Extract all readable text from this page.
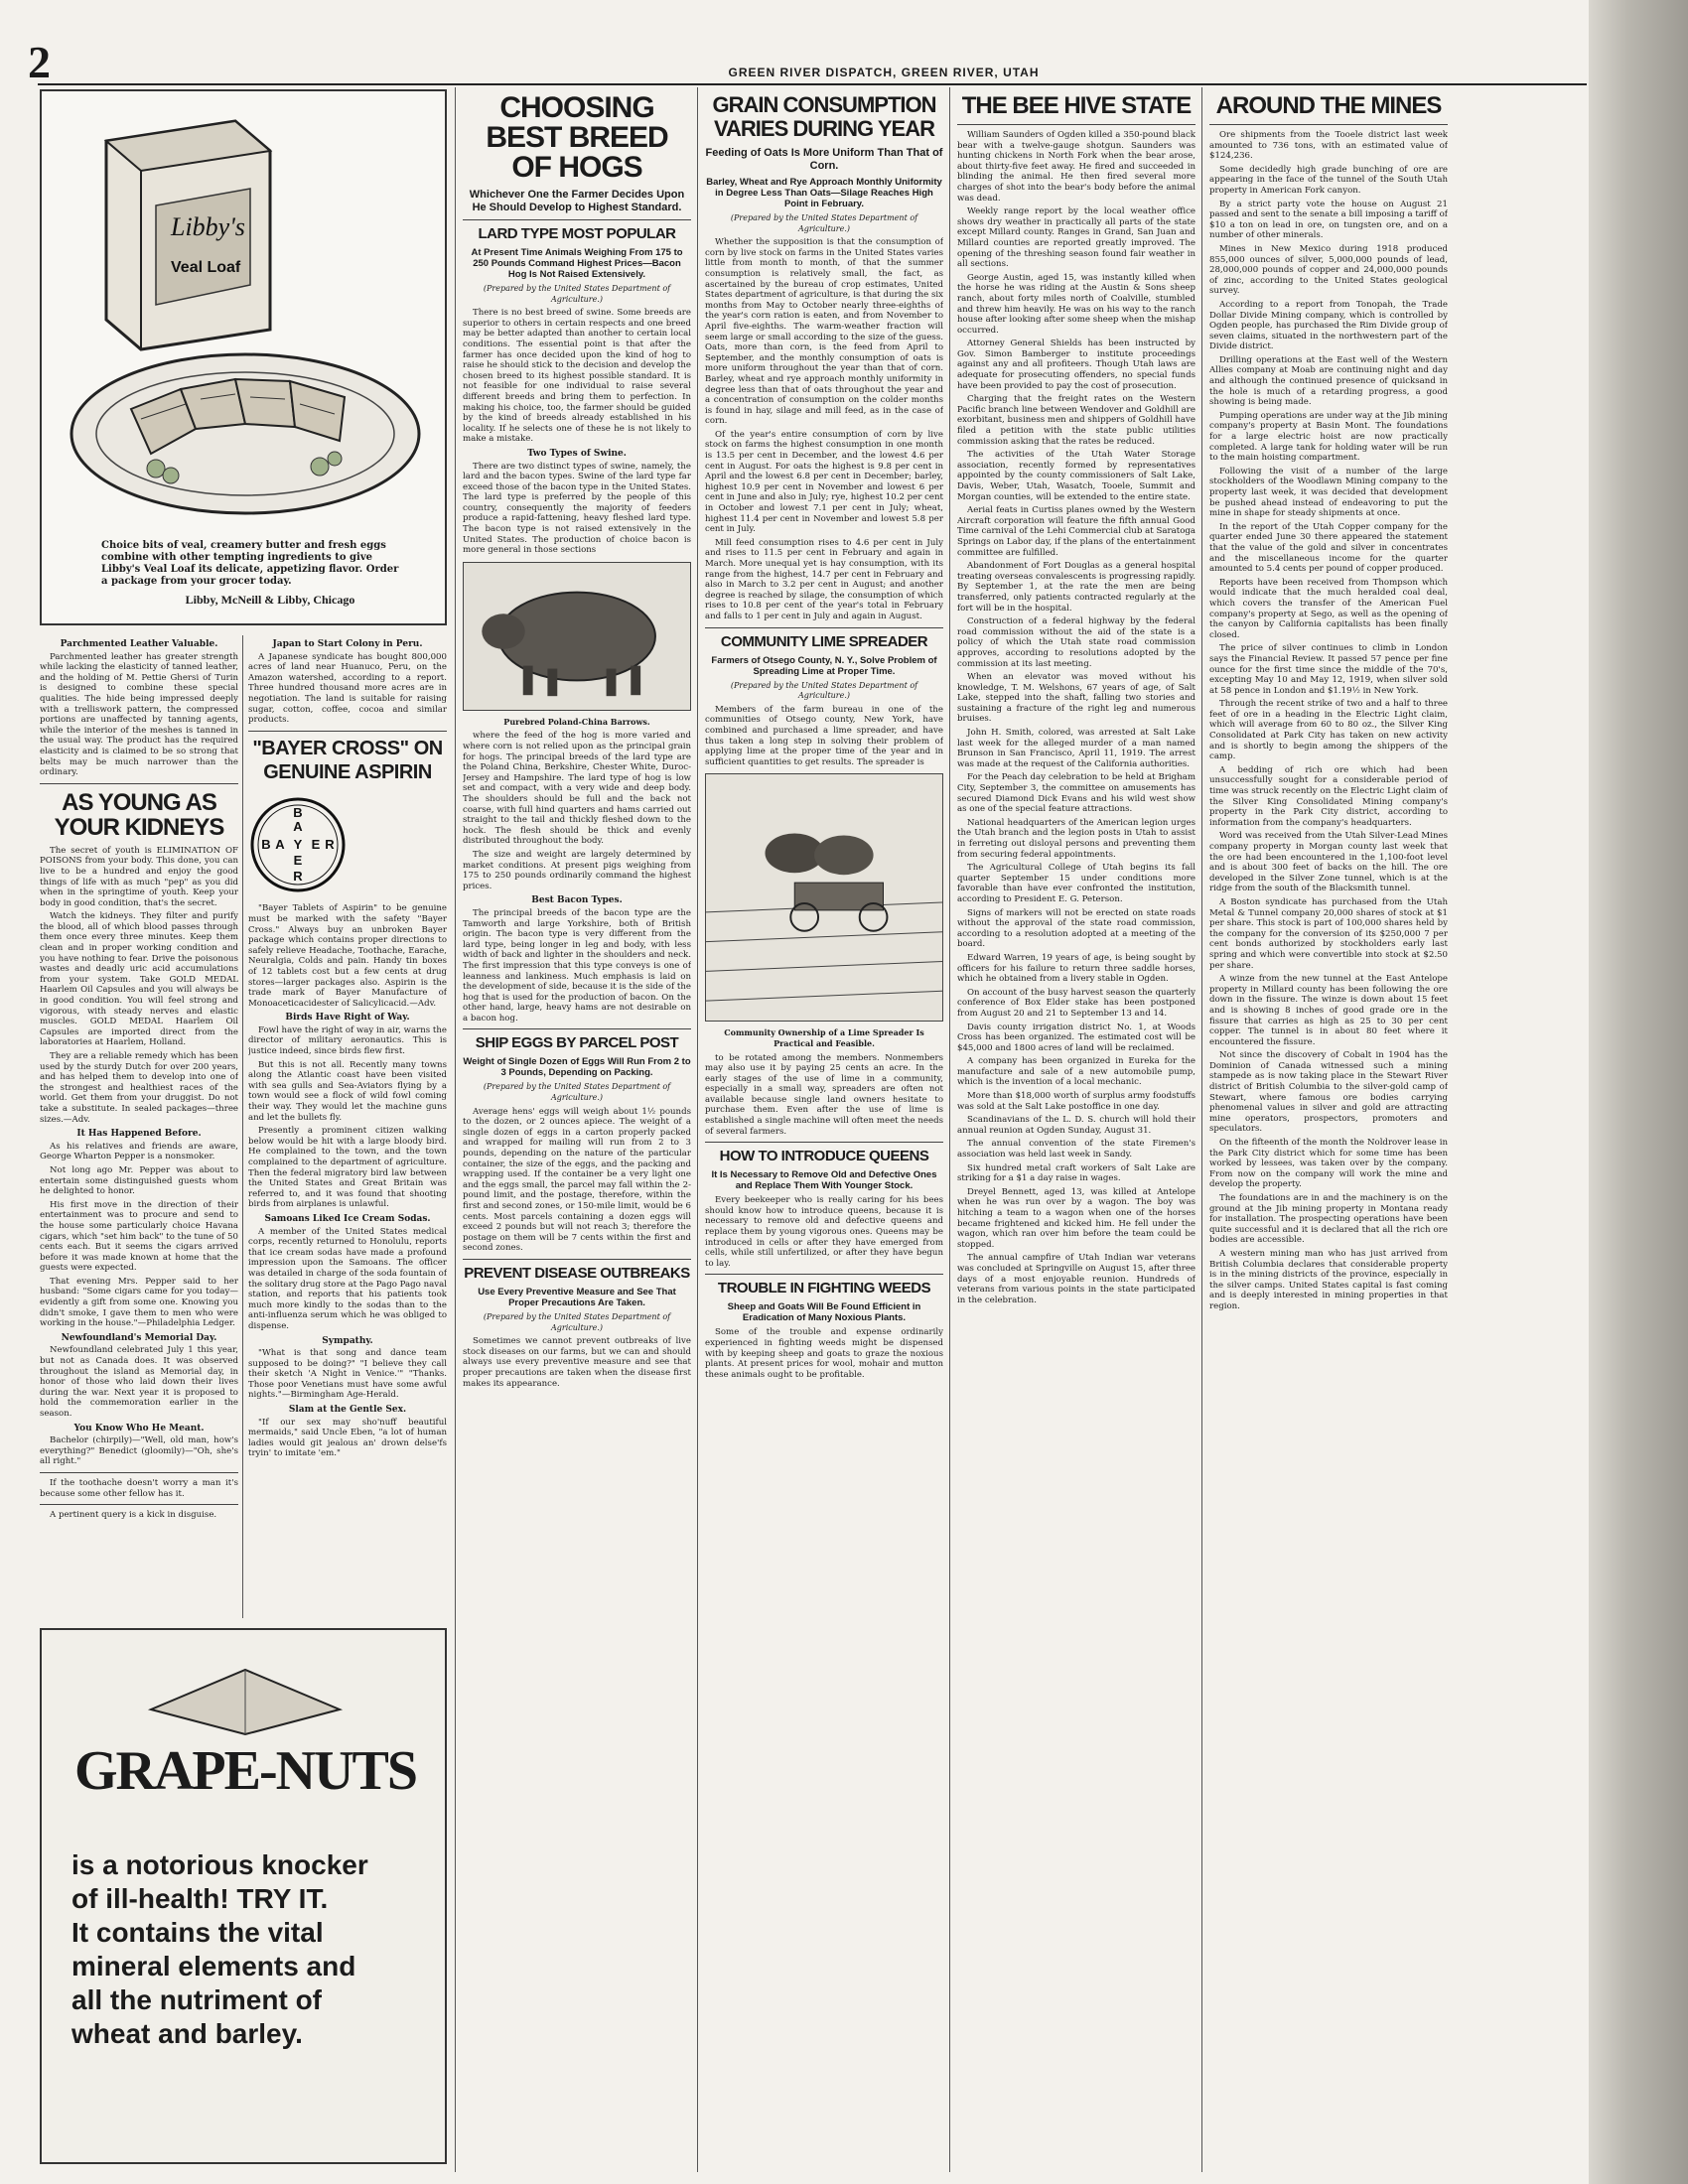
2	GREEN RIVER DISPATCH, GREEN RIVER, UTAH
Libby's
Veal Loaf
Choice bits of veal, creamery butter and fresh eggs combine with other tempting ingredients to give Libby's Veal Loaf its delicate, appetizing flavor. Order a package from your grocer today.
Libby, McNeill & Libby, Chicago
Parchmented Leather Valuable.

Parchmented leather has greater strength while lacking the elasticity of tanned leather, and the holding of M. Pettie Ghersi of Turin is designed to combine these special qualities. The hide being impressed deeply with a trelliswork pattern, the compressed portions are unaffected by tanning agents, while the interior of the meshes is tanned in the usual way. The product has the required elasticity and is claimed to be so strong that belts may be much narrower than the ordinary.

AS YOUNG AS YOUR KIDNEYS

The secret of youth is ELIMINATION OF POISONS from your body. This done, you can live to be a hundred and enjoy the good things of life with as much "pep" as you did when in the springtime of youth. Keep your body in good condition, that's the secret.

Watch the kidneys. They filter and purify the blood, all of which blood passes through them once every three minutes. Keep them clean and in proper working condition and you have nothing to fear. Drive the poisonous wastes and deadly uric acid accumulations from your system. Take GOLD MEDAL Haarlem Oil Capsules and you will always be in good condition. You will feel strong and vigorous, with steady nerves and elastic muscles. GOLD MEDAL Haarlem Oil Capsules are imported direct from the laboratories at Haarlem, Holland.

They are a reliable remedy which has been used by the sturdy Dutch for over 200 years, and has helped them to develop into one of the strongest and healthiest races of the world. Get them from your druggist. Do not take a substitute. In sealed packages—three sizes.—Adv.

It Has Happened Before.

As his relatives and friends are aware, George Wharton Pepper is a nonsmoker.

Not long ago Mr. Pepper was about to entertain some distinguished guests whom he delighted to honor.

His first move in the direction of their entertainment was to procure and send to the house some particularly choice Havana cigars, which "set him back" to the tune of 50 cents each. But it seems the cigars arrived before it was made known at home that the guests were expected.

That evening Mrs. Pepper said to her husband: "Some cigars came for you today—evidently a gift from some one. Knowing you didn't smoke, I gave them to men who were working in the house."—Philadelphia Ledger.

Newfoundland's Memorial Day.

Newfoundland celebrated July 1 this year, but not as Canada does. It was observed throughout the island as Memorial day, in honor of those who laid down their lives during the war. Next year it is proposed to hold the commemoration earlier in the season.

You Know Who He Meant.

Bachelor (chirpily)—"Well, old man, how's everything?" Benedict (gloomily)—"Oh, she's all right."

If the toothache doesn't worry a man it's because some other fellow has it.

A pertinent query is a kick in disguise.

Japan to Start Colony in Peru.

A Japanese syndicate has bought 800,000 acres of land near Huanuco, Peru, on the Amazon watershed, according to a report. Three hundred thousand more acres are in negotiation. The land is suitable for raising sugar, cotton, coffee, cocoa and similar products.

"BAYER CROSS" ON GENUINE ASPIRIN
B
A
Y
E
R
B A E R

"Bayer Tablets of Aspirin" to be genuine must be marked with the safety "Bayer Cross." Always buy an unbroken Bayer package which contains proper directions to safely relieve Headache, Toothache, Earache, Neuralgia, Colds and pain. Handy tin boxes of 12 tablets cost but a few cents at drug stores—larger packages also. Aspirin is the trade mark of Bayer Manufacture of Monoaceticacidester of Salicylicacid.—Adv.

Birds Have Right of Way.

Fowl have the right of way in air, warns the director of military aeronautics. This is justice indeed, since birds flew first.

But this is not all. Recently many towns along the Atlantic coast have been visited with sea gulls and Sea-Aviators flying by a town would see a flock of wild fowl coming their way. They would let the machine guns and let the bullets fly.

Presently a prominent citizen walking below would be hit with a large bloody bird. He complained to the town, and the town complained to the department of agriculture. Then the federal migratory bird law between the United States and Great Britain was referred to, and it was found that shooting birds from airplanes is unlawful.

Samoans Liked Ice Cream Sodas.

A member of the United States medical corps, recently returned to Honolulu, reports that ice cream sodas have made a profound impression upon the Samoans. The officer was detailed in charge of the soda fountain of the solitary drug store at the Pago Pago naval station, and reports that his patients took much more kindly to the sodas than to the anti-influenza serum which he was obliged to dispense.

Sympathy.

"What is that song and dance team supposed to be doing?" "I believe they call their sketch 'A Night in Venice.'" "Thanks. Those poor Venetians must have some awful nights."—Birmingham Age-Herald.

Slam at the Gentle Sex.

"If our sex may sho'nuff beautiful mermaids," said Uncle Eben, "a lot of human ladies would git jealous an' drown delse'fs tryin' to imitate 'em."

GRAPE-NUTS
is a notorious knocker
of ill-health! TRY IT.
It contains the vital
mineral elements and
all the nutriment of
wheat and barley.
CHOOSING BEST BREED OF HOGS
Whichever One the Farmer Decides Upon He Should Develop to Highest Standard.
LARD TYPE MOST POPULAR
At Present Time Animals Weighing From 175 to 250 Pounds Command Highest Prices—Bacon Hog Is Not Raised Extensively.
(Prepared by the United States Department of Agriculture.)

There is no best breed of swine. Some breeds are superior to others in certain respects and one breed may be better adapted than another to certain local conditions. The essential point is that after the farmer has once decided upon the kind of hog to raise he should stick to the decision and develop the chosen breed to its highest possible standard. It is not feasible for one individual to raise several different breeds and bring them to perfection. In making his choice, too, the farmer should be guided by the kind of breeds already established in his locality. If he selects one of these he is not likely to make a mistake.

Two Types of Swine.

There are two distinct types of swine, namely, the lard and the bacon types. Swine of the lard type far exceed those of the bacon type in the United States. The lard type is preferred by the people of this country, consequently the majority of feeders produce a rapid-fattening, heavy fleshed lard type. The bacon type is not raised extensively in the United States. The production of choice bacon is more general in those sections

Purebred Poland-China Barrows.

where the feed of the hog is more varied and where corn is not relied upon as the principal grain for hogs. The principal breeds of the lard type are the Poland China, Berkshire, Chester White, Duroc-Jersey and Hampshire. The lard type of hog is low set and compact, with a very wide and deep body. The shoulders should be full and the back not coarse, with full hind quarters and hams carried out straight to the tail and thickly fleshed down to the hock. The flesh should be thick and evenly distributed throughout the body.

The size and weight are largely determined by market conditions. At present pigs weighing from 175 to 250 pounds ordinarily command the highest prices.

Best Bacon Types.

The principal breeds of the bacon type are the Tamworth and large Yorkshire, both of British origin. The bacon type is very different from the lard type, being longer in leg and body, with less width of back and lighter in the shoulders and neck. The first impression that this type conveys is one of leanness and lankiness. Much emphasis is laid on the development of side, because it is the side of the hog that is used for the production of bacon. On the other hand, large, heavy hams are not desirable on a bacon hog.

SHIP EGGS BY PARCEL POST
Weight of Single Dozen of Eggs Will Run From 2 to 3 Pounds, Depending on Packing.
(Prepared by the United States Department of Agriculture.)

Average hens' eggs will weigh about 1½ pounds to the dozen, or 2 ounces apiece. The weight of a single dozen of eggs in a carton properly packed and wrapped for mailing will run from 2 to 3 pounds, depending on the nature of the particular container, the size of the eggs, and the packing and wrapping used. If the container be a very light one and the eggs small, the parcel may fall within the 2-pound limit, and the postage, therefore, within the first and second zones, or 150-mile limit, would be 6 cents. Most parcels containing a dozen eggs will exceed 2 pounds but will not reach 3; therefore the postage on them will be 7 cents within the first and second zones.

PREVENT DISEASE OUTBREAKS
Use Every Preventive Measure and See That Proper Precautions Are Taken.
(Prepared by the United States Department of Agriculture.)

Sometimes we cannot prevent outbreaks of live stock diseases on our farms, but we can and should always use every preventive measure and see that proper precautions are taken when the disease first makes its appearance.

GRAIN CONSUMPTION VARIES DURING YEAR
Feeding of Oats Is More Uniform Than That of Corn.
Barley, Wheat and Rye Approach Monthly Uniformity in Degree Less Than Oats—Silage Reaches High Point in February.
(Prepared by the United States Department of Agriculture.)

Whether the supposition is that the consumption of corn by live stock on farms in the United States varies little from month to month, of that the summer consumption is relatively small, the fact, as ascertained by the bureau of crop estimates, United States department of agriculture, is that during the six months from May to October nearly three-eighths of the year's corn ration is eaten, and from November to April five-eighths. The warm-weather fraction will seem large or small according to the size of the guess. Oats, more than corn, is the feed from April to September, and the monthly consumption of oats is more uniform throughout the year than that of corn. Barley, wheat and rye approach monthly uniformity in degree less than that of oats throughout the year and a concentration of consumption on the colder months is found in hay, silage and mill feed, as in the case of corn.

Of the year's entire consumption of corn by live stock on farms the highest consumption in one month is 13.5 per cent in December, and the lowest 4.6 per cent in August. For oats the highest is 9.8 per cent in April and the lowest 6.8 per cent in December; barley, highest 10.9 per cent in November and lowest 6 per cent in June and also in July; rye, highest 10.2 per cent in October and lowest 7.1 per cent in July; wheat, highest 11.4 per cent in November and lowest 5.8 per cent in July.

Mill feed consumption rises to 4.6 per cent in July and rises to 11.5 per cent in February and again in March. More unequal yet is hay consumption, with its range from the highest, 14.7 per cent in February and also in March to 3.2 per cent in August; and another degree is reached by silage, the consumption of which rises to 10.8 per cent of the year's total in February and falls to 1 per cent in July and again in August.

COMMUNITY LIME SPREADER
Farmers of Otsego County, N. Y., Solve Problem of Spreading Lime at Proper Time.
(Prepared by the United States Department of Agriculture.)

Members of the farm bureau in one of the communities of Otsego county, New York, have combined and purchased a lime spreader, and have thus taken a long step in solving their problem of applying lime at the proper time of the year and in sufficient quantities to get results. The spreader is

Community Ownership of a Lime Spreader Is Practical and Feasible.

to be rotated among the members. Nonmembers may also use it by paying 25 cents an acre. In the early stages of the use of lime in a community, especially in a small way, spreaders are often not available because single land owners hesitate to purchase them. Even after the use of lime is established a single machine will often meet the needs of several farmers.

HOW TO INTRODUCE QUEENS
It Is Necessary to Remove Old and Defective Ones and Replace Them With Younger Stock.

Every beekeeper who is really caring for his bees should know how to introduce queens, because it is necessary to remove old and defective queens and replace them by young vigorous ones. Queens may be introduced in cells or after they have emerged from cells, while still unfertilized, or after they have begun to lay.

TROUBLE IN FIGHTING WEEDS
Sheep and Goats Will Be Found Efficient in Eradication of Many Noxious Plants.

Some of the trouble and expense ordinarily experienced in fighting weeds might be dispensed with by keeping sheep and goats to graze the noxious plants. At present prices for wool, mohair and mutton these animals ought to be profitable.

THE BEE HIVE STATE

William Saunders of Ogden killed a 350-pound black bear with a twelve-gauge shotgun. Saunders was hunting chickens in North Fork when the bear arose, about thirty-five feet away. He fired and succeeded in blinding the animal. He then fired several more charges of shot into the bear's body before the animal was dead.

Weekly range report by the local weather office shows dry weather in practically all parts of the state except Millard county. Ranges in Grand, San Juan and Millard counties are reported greatly improved. The opening of the threshing season found fair weather in all sections.

George Austin, aged 15, was instantly killed when the horse he was riding at the Austin & Sons sheep ranch, about forty miles north of Coalville, stumbled and threw him heavily. He was on his way to the ranch house after looking after some sheep when the mishap occurred.

Attorney General Shields has been instructed by Gov. Simon Bamberger to institute proceedings against any and all profiteers. Though Utah laws are adequate for prosecuting offenders, no special funds have been provided to pay the cost of prosecution.

Charging that the freight rates on the Western Pacific branch line between Wendover and Goldhill are exorbitant, business men and shippers of Goldhill have filed a petition with the state public utilities commission asking that the rates be reduced.

The activities of the Utah Water Storage association, recently formed by representatives appointed by the county commissioners of Salt Lake, Davis, Weber, Utah, Wasatch, Tooele, Summit and Morgan counties, will be extended to the entire state.

Aerial feats in Curtiss planes owned by the Western Aircraft corporation will feature the fifth annual Good Time carnival of the Lehi Commercial club at Saratoga Springs on Labor day, if the plans of the entertainment committee are fulfilled.

Abandonment of Fort Douglas as a general hospital treating overseas convalescents is progressing rapidly. By September 1, at the rate the men are being transferred, only patients contracted regularly at the fort will be in the hospital.

Construction of a federal highway by the federal road commission without the aid of the state is a policy of which the Utah state road commission approves, according to resolutions adopted by the commission at its last meeting.

When an elevator was moved without his knowledge, T. M. Welshons, 67 years of age, of Salt Lake, stepped into the shaft, falling two stories and sustaining a fracture of the right leg and numerous bruises.

John H. Smith, colored, was arrested at Salt Lake last week for the alleged murder of a man named Brunson in San Francisco, April 11, 1919. The arrest was made at the request of the California authorities.

For the Peach day celebration to be held at Brigham City, September 3, the committee on amusements has secured Diamond Dick Evans and his wild west show as one of the special feature attractions.

National headquarters of the American legion urges the Utah branch and the legion posts in Utah to assist in ferreting out disloyal persons and preventing them from securing federal appointments.

The Agricultural College of Utah begins its fall quarter September 15 under conditions more favorable than have ever confronted the institution, according to President E. G. Peterson.

Signs of markers will not be erected on state roads without the approval of the state road commission, according to a resolution adopted at a meeting of the board.

Edward Warren, 19 years of age, is being sought by officers for his failure to return three saddle horses, which he obtained from a livery stable in Ogden.

On account of the busy harvest season the quarterly conference of Box Elder stake has been postponed from August 20 and 21 to September 13 and 14.

Davis county irrigation district No. 1, at Woods Cross has been organized. The estimated cost will be $45,000 and 1800 acres of land will be reclaimed.

A company has been organized in Eureka for the manufacture and sale of a new automobile pump, which is the invention of a local mechanic.

More than $18,000 worth of surplus army foodstuffs was sold at the Salt Lake postoffice in one day.

Scandinavians of the L. D. S. church will hold their annual reunion at Ogden Sunday, August 31.

The annual convention of the state Firemen's association was held last week in Sandy.

Six hundred metal craft workers of Salt Lake are striking for a $1 a day raise in wages.

Dreyel Bennett, aged 13, was killed at Antelope when he was run over by a wagon. The boy was hitching a team to a wagon when one of the horses became frightened and kicked him. He fell under the wagon, which ran over him before the team could be stopped.

The annual campfire of Utah Indian war veterans was concluded at Springville on August 15, after three days of a most enjoyable reunion. Hundreds of veterans from various points in the state participated in the celebration.

AROUND THE MINES

Ore shipments from the Tooele district last week amounted to 736 tons, with an estimated value of $124,236.

Some decidedly high grade bunching of ore are appearing in the face of the tunnel of the South Utah property in American Fork canyon.

By a strict party vote the house on August 21 passed and sent to the senate a bill imposing a tariff of $10 a ton on lead in ore, on tungsten ore, and on a number of other minerals.

Mines in New Mexico during 1918 produced 855,000 ounces of silver, 5,000,000 pounds of lead, 28,000,000 pounds of copper and 24,000,000 pounds of zinc, according to the United States geological survey.

According to a report from Tonopah, the Trade Dollar Divide Mining company, which is controlled by Ogden people, has purchased the Rim Divide group of seven claims, situated in the northwestern part of the Divide district.

Drilling operations at the East well of the Western Allies company at Moab are continuing night and day and although the continued presence of quicksand in the hole is much of a retarding progress, a good showing is being made.

Pumping operations are under way at the Jib mining company's property at Basin Mont. The foundations for a large electric hoist are now practically completed. A large tank for holding water will be run to the main hoisting compartment.

Following the visit of a number of the large stockholders of the Woodlawn Mining company to the property last week, it was decided that development be pushed ahead instead of endeavoring to put the mine in shape for steady shipments at once.

In the report of the Utah Copper company for the quarter ended June 30 there appeared the statement that the value of the gold and silver in concentrates and the miscellaneous income for the quarter amounted to 5.4 cents per pound of copper produced.

Reports have been received from Thompson which would indicate that the much heralded coal deal, which covers the transfer of the American Fuel company's property at Sego, as well as the opening of the canyon by California capitalists has been finally closed.

The price of silver continues to climb in London says the Financial Review. It passed 57 pence per fine ounce for the first time since the middle of the 70's, excepting May 10 and May 12, 1919, when silver sold at 58 pence in London and $1.19½ in New York.

Through the recent strike of two and a half to three feet of ore in a heading in the Electric Light claim, which will average from 60 to 80 oz., the Silver King Consolidated at Park City has taken on new activity and is shortly to begin among the shippers of the camp.

A bedding of rich ore which had been unsuccessfully sought for a considerable period of time was struck recently on the Electric Light claim of the Silver King Consolidated Mining company's property in the Park City district, according to information from the company's headquarters.

Word was received from the Utah Silver-Lead Mines company property in Morgan county last week that the ore had been encountered in the 1,100-foot level and is about 300 feet of backs on the hill. The ore developed in the Silver Zone tunnel, which is at the ridge from the south of the Blacksmith tunnel.

A Boston syndicate has purchased from the Utah Metal & Tunnel company 20,000 shares of stock at $1 per share. This stock is part of 100,000 shares held by the company for the conversion of its $250,000 7 per cent bonds authorized by stockholders early last spring and which were convertible into stock at $2.50 per share.

A winze from the new tunnel at the East Antelope property in Millard county has been following the ore down in the fissure. The winze is down about 15 feet and is showing 8 inches of good grade ore in the fissure that carries as high as 25 to 30 per cent copper. The tunnel is in about 80 feet where it encountered the fissure.

Not since the discovery of Cobalt in 1904 has the Dominion of Canada witnessed such a mining stampede as is now taking place in the Stewart River district of British Columbia to the silver-gold camp of Stewart, where famous ore bodies carrying phenomenal values in silver and gold are attracting mine operators, prospectors, promoters and speculators.

On the fifteenth of the month the Noldrover lease in the Park City district which for some time has been worked by lessees, was taken over by the company. From now on the company will work the mine and develop the property.

The foundations are in and the machinery is on the ground at the Jib mining property in Montana ready for installation. The prospecting operations have been quite successful and it is declared that all the rich ore bodies are accessible.

A western mining man who has just arrived from British Columbia declares that considerable property is in the mining districts of the province, especially in the silver camps. United States capital is fast coming and is deeply interested in mining properties in that region.
